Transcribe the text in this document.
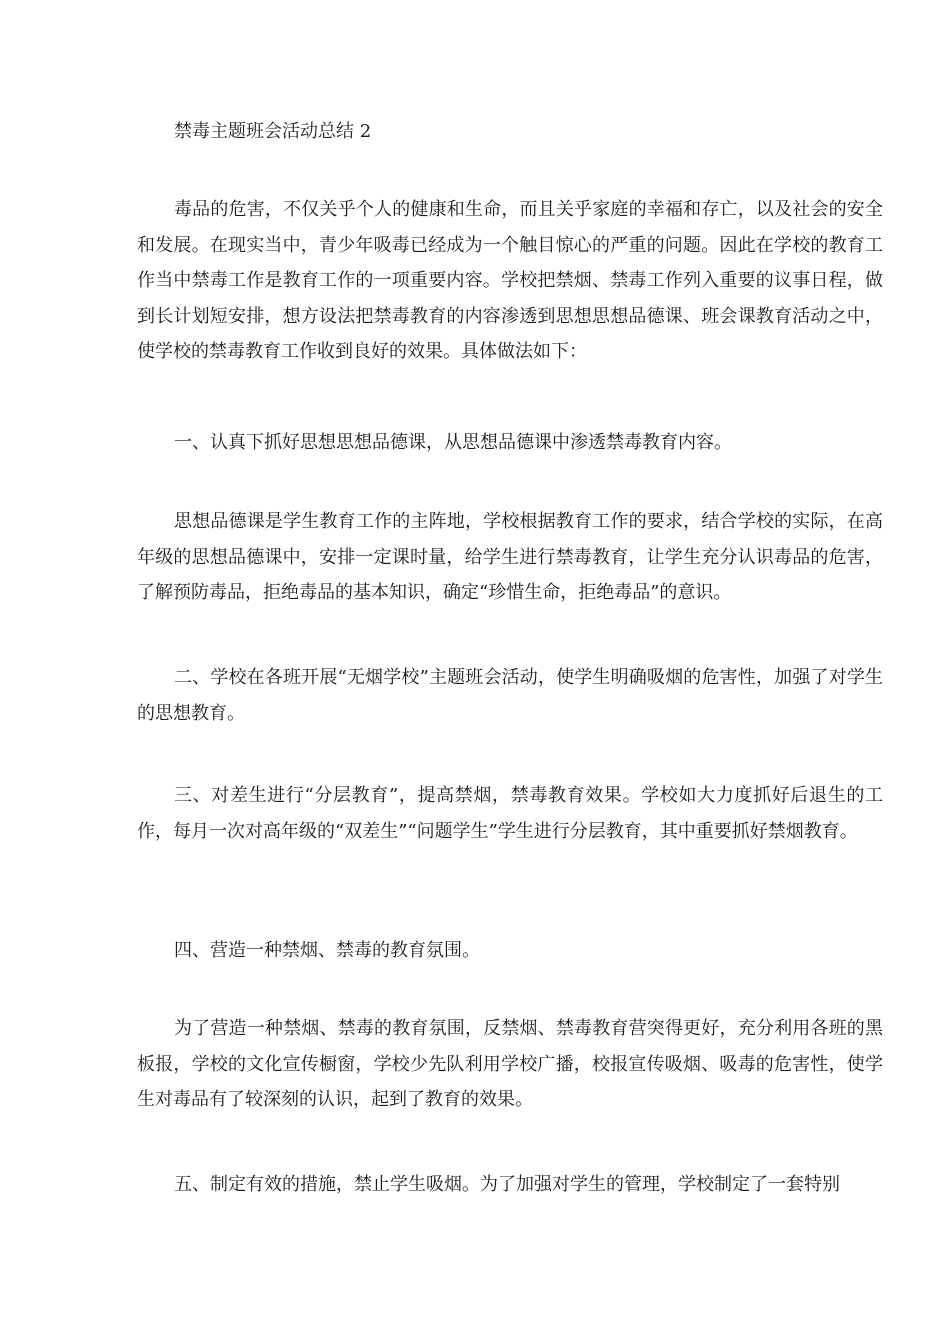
禁毒主题班会活动总结 2

毒品的危害，不仅关乎个人的健康和生命，而且关乎家庭的幸福和存亡，以及社会的安全和发展。在现实当中，青少年吸毒已经成为一个触目惊心的严重的问题。因此在学校的教育工作当中禁毒工作是教育工作的一项重要内容。学校把禁烟、禁毒工作列入重要的议事日程，做到长计划短安排，想方设法把禁毒教育的内容渗透到思想思想品德课、班会课教育活动之中，使学校的禁毒教育工作收到良好的效果。具体做法如下：

一、认真下抓好思想思想品德课，从思想品德课中渗透禁毒教育内容。

思想品德课是学生教育工作的主阵地，学校根据教育工作的要求，结合学校的实际，在高年级的思想品德课中，安排一定课时量，给学生进行禁毒教育，让学生充分认识毒品的危害，了解预防毒品，拒绝毒品的基本知识，确定“珍惜生命，拒绝毒品”的意识。

二、学校在各班开展“无烟学校”主题班会活动，使学生明确吸烟的危害性，加强了对学生的思想教育。

三、对差生进行“分层教育”，提高禁烟，禁毒教育效果。学校如大力度抓好后退生的工作，每月一次对高年级的“双差生”“问题学生”学生进行分层教育，其中重要抓好禁烟教育。

四、营造一种禁烟、禁毒的教育氛围。

为了营造一种禁烟、禁毒的教育氛围，反禁烟、禁毒教育营突得更好，充分利用各班的黑板报，学校的文化宣传橱窗，学校少先队利用学校广播，校报宣传吸烟、吸毒的危害性，使学生对毒品有了较深刻的认识，起到了教育的效果。

五、制定有效的措施，禁止学生吸烟。为了加强对学生的管理，学校制定了一套特别
